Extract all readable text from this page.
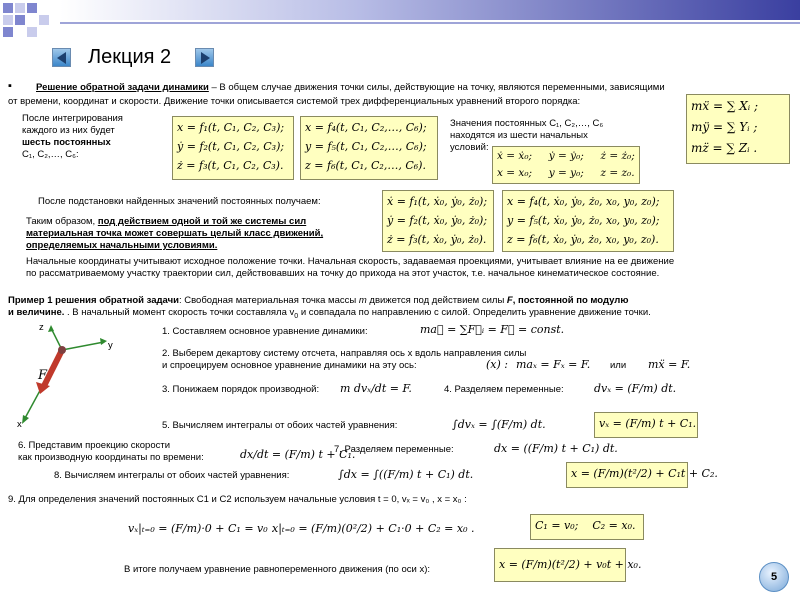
Лекция 2
▪	Решение обратной задачи динамики – В общем случае движения точки силы, действующие на точку, являются переменными, зависящими
от времени, координат и скорости. Движение точки описывается системой трех дифференциальных уравнений второго порядка:	mẍ = ∑ Xᵢ ;
mÿ = ∑ Yᵢ ;
mz̈ = ∑ Zᵢ .
После интегрирования
каждого из них будет
шесть постоянных
C₁, C₂,…, C₆:
x = f₁(t, C₁, C₂, C₃);
ẏ = f₂(t, C₁, C₂, C₃);
ż = f₃(t, C₁, C₂, C₃).
x = f₄(t, C₁, C₂,…, C₆);
y = f₅(t, C₁, C₂,…, C₆);
z = f₆(t, C₁, C₂,…, C₆).
Значения постоянных C₁, C₂,…, C₆
находятся из шести начальных
условий:
ẋ = ẋ₀;     ẏ = ẏ₀;     ż = ż₀;
x = x₀;     y = y₀;     z = z₀.
После подстановки найденных значений постоянных получаем:	ẋ = f₁(t, ẋ₀, ẏ₀, ż₀);
ẏ = f₂(t, ẋ₀, ẏ₀, ż₀);
ż = f₃(t, ẋ₀, ẏ₀, ż₀).
x = f₄(t, ẋ₀, ẏ₀, ż₀, x₀, y₀, z₀);
y = f₅(t, ẋ₀, ẏ₀, ż₀, x₀, y₀, z₀);
z = f₆(t, ẋ₀, ẏ₀, ż₀, x₀, y₀, z₀).
Таким образом, под действием одной и той же системы сил
материальная точка может совершать целый класс движений,
определяемых начальными условиями.
Начальные координаты учитывают исходное положение точки. Начальная скорость, задаваемая проекциями, учитывает влияние на ее движение
по рассматриваемому участку траектории сил, действовавших на точку до прихода на этот участок, т.е. начальное кинематическое состояние.
Пример 1 решения обратной задачи: Свободная материальная точка массы m движется под действием силы F, постоянной по модулю
и величине. . В начальный момент скорость точки составляла $v_0$ и совпадала по направлению с силой. Определить уравнение движение точки.
z
y
x
F
1. Составляем основное уравнение динамики:	ma⃗ = ∑F⃗ᵢ = F⃗ = const.
2. Выберем декартову систему отсчета, направляя ось x вдоль направления силы
и спроецируем основное уравнение динамики на эту ось:	(x) : maₓ = Fₓ = F. или mẍ = F.
3. Понижаем порядок производной: m dvₓ/dt = F.	4. Разделяем переменные:	dvₓ = (F/m) dt.
5. Вычисляем интегралы от обоих частей уравнения:	∫dvₓ = ∫(F/m) dt.	vₓ = (F/m) t + C₁.
6. Представим проекцию скорости
как производную координаты по времени:	dx/dt = (F/m) t + C₁.
7. Разделяем переменные:	dx = ((F/m) t + C₁) dt.
8. Вычисляем интегралы от обоих частей уравнения:	∫dx = ∫((F/m) t + C₁) dt.	x = (F/m)(t²/2) + C₁t + C₂.
9. Для определения значений постоянных С1 и С2 используем начальные условия t = 0, vₓ = v₀ , x = x₀ :
vₓ|ₜ₌₀ = (F/m)·0 + C₁ = v₀ .
x|ₜ₌₀ = (F/m)(0²/2) + C₁·0 + C₂ = x₀ .	C₁ = v₀;    C₂ = x₀.
В итоге получаем уравнение равнопеременного движения (по оси x):	x = (F/m)(t²/2) + v₀t + x₀.
5
